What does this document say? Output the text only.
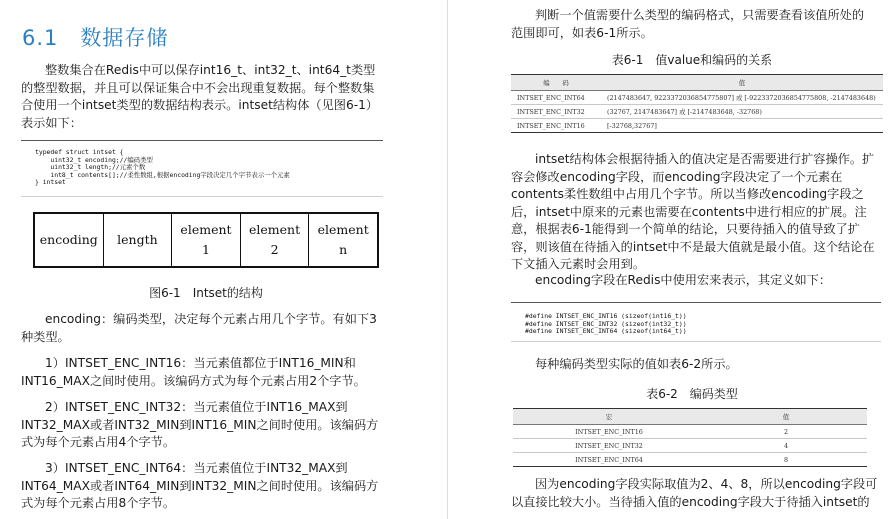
6.1 数据存储

整数集合在Redis中可以保存int16_t、int32_t、int64_t类型的整型数据，并且可以保证集合中不会出现重复数据。每个整数集合使用一个intset类型的数据结构表示。intset结构体（见图6-1）表示如下：

typedef struct intset {
uint32_t encoding;//编码类型
uint32_t length;//元素个数
int8_t contents[];//柔性数组,根据encoding字段决定几个字节表示一个元素
} intset
encoding length
element
1
element
2
element
n
图6-1　Intset的结构

encoding：编码类型，决定每个元素占用几个字节。有如下3种类型。

1）INTSET_ENC_INT16：当元素值都位于INT16_MIN和INT16_MAX之间时使用。该编码方式为每个元素占用2个字节。

2）INTSET_ENC_INT32：当元素值位于INT16_MAX到INT32_MAX或者INT32_MIN到INT16_MIN之间时使用。该编码方式为每个元素占用4个字节。

3）INTSET_ENC_INT64：当元素值位于INT32_MAX到INT64_MAX或者INT64_MIN到INT32_MIN之间时使用。该编码方式为每个元素占用8个字节。

判断一个值需要什么类型的编码格式，只需要查看该值所处的范围即可，如表6-1所示。

表6-1　值value和编码的关系
编　　码	值
INTSET_ENC_INT64	(2147483647, 9223372036854775807] 或 [-9223372036854775808, -2147483648)
INTSET_ENC_INT32	(32767, 2147483647] 或 [-2147483648, -32768)
INTSET_ENC_INT16	[-32768,32767]

intset结构体会根据待插入的值决定是否需要进行扩容操作。扩容会修改encoding字段，而encoding字段决定了一个元素在contents柔性数组中占用几个字节。所以当修改encoding字段之后，intset中原来的元素也需要在contents中进行相应的扩展。注意，根据表6-1能得到一个简单的结论，只要待插入的值导致了扩容，则该值在待插入的intset中不是最大值就是最小值。这个结论在下文插入元素时会用到。

encoding字段在Redis中使用宏来表示，其定义如下：

#define INTSET_ENC_INT16 (sizeof(int16_t))
#define INTSET_ENC_INT32 (sizeof(int32_t))
#define INTSET_ENC_INT64 (sizeof(int64_t))

每种编码类型实际的值如表6-2所示。

表6-2　编码类型
宏	值
INTSET_ENC_INT16	2
INTSET_ENC_INT32	4
INTSET_ENC_INT64	8

因为encoding字段实际取值为2、4、8，所以encoding字段可以直接比较大小。当待插入值的encoding字段大于待插入intset的
